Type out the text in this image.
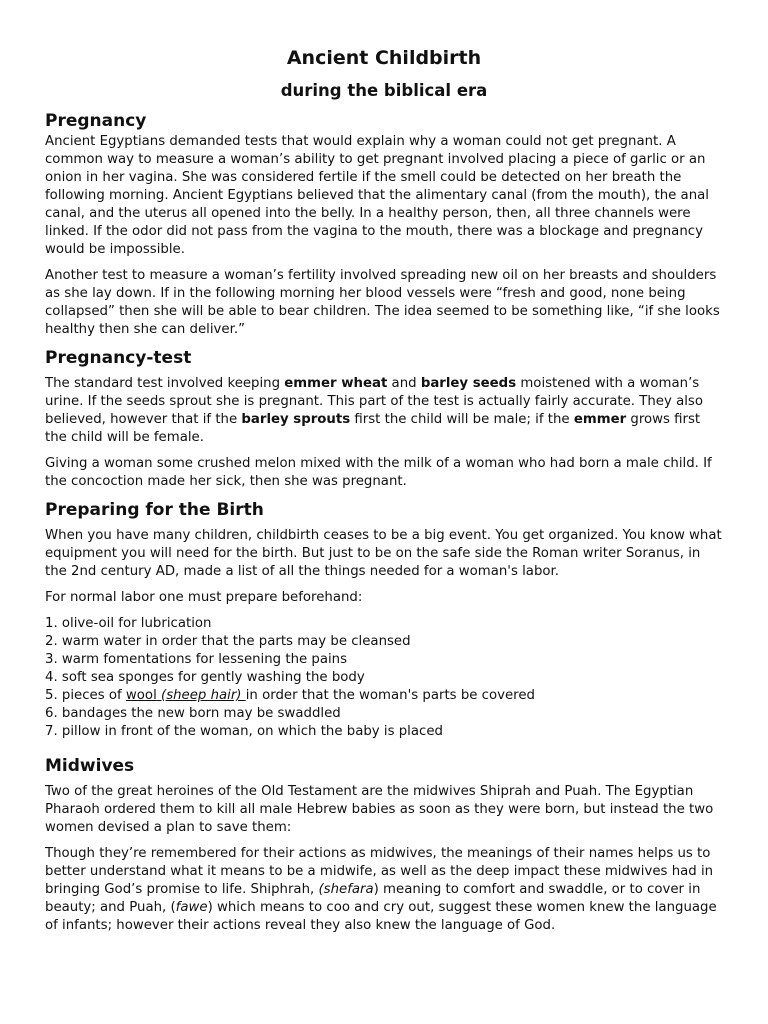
Ancient Childbirth
during the biblical era
Pregnancy

Ancient Egyptians demanded tests that would explain why a woman could not get pregnant. A common way to measure a woman’s ability to get pregnant involved placing a piece of garlic or an onion in her vagina. She was considered fertile if the smell could be detected on her breath the following morning. Ancient Egyptians believed that the alimentary canal (from the mouth), the anal canal, and the uterus all opened into the belly. In a healthy person, then, all three channels were linked. If the odor did not pass from the vagina to the mouth, there was a blockage and pregnancy would be impossible.

Another test to measure a woman’s fertility involved spreading new oil on her breasts and shoulders as she lay down. If in the following morning her blood vessels were “fresh and good, none being collapsed” then she will be able to bear children. The idea seemed to be something like, “if she looks healthy then she can deliver.”

Pregnancy-test

The standard test involved keeping emmer wheat and barley seeds moistened with a woman’s urine. If the seeds sprout she is pregnant. This part of the test is actually fairly accurate. They also believed, however that if the barley sprouts first the child will be male; if the emmer grows first the child will be female.

Giving a woman some crushed melon mixed with the milk of a woman who had born a male child. If the concoction made her sick, then she was pregnant.

Preparing for the Birth

When you have many children, childbirth ceases to be a big event. You get organized. You know what equipment you will need for the birth. But just to be on the safe side the Roman writer Soranus, in the 2nd century AD, made a list of all the things needed for a woman's labor.

For normal labor one must prepare beforehand:

1. olive-oil for lubrication
2. warm water in order that the parts may be cleansed
3. warm fomentations for lessening the pains
4. soft sea sponges for gently washing the body
5. pieces of wool (sheep hair) in order that the woman's parts be covered
6. bandages the new born may be swaddled
7. pillow in front of the woman, on which the baby is placed
Midwives

Two of the great heroines of the Old Testament are the midwives Shiprah and Puah. The Egyptian Pharaoh ordered them to kill all male Hebrew babies as soon as they were born, but instead the two women devised a plan to save them:

Though they’re remembered for their actions as midwives, the meanings of their names helps us to better understand what it means to be a midwife, as well as the deep impact these midwives had in bringing God’s promise to life. Shiphrah, (shefara) meaning to comfort and swaddle, or to cover in beauty; and Puah, (fawe) which means to coo and cry out, suggest these women knew the language of infants; however their actions reveal they also knew the language of God.
